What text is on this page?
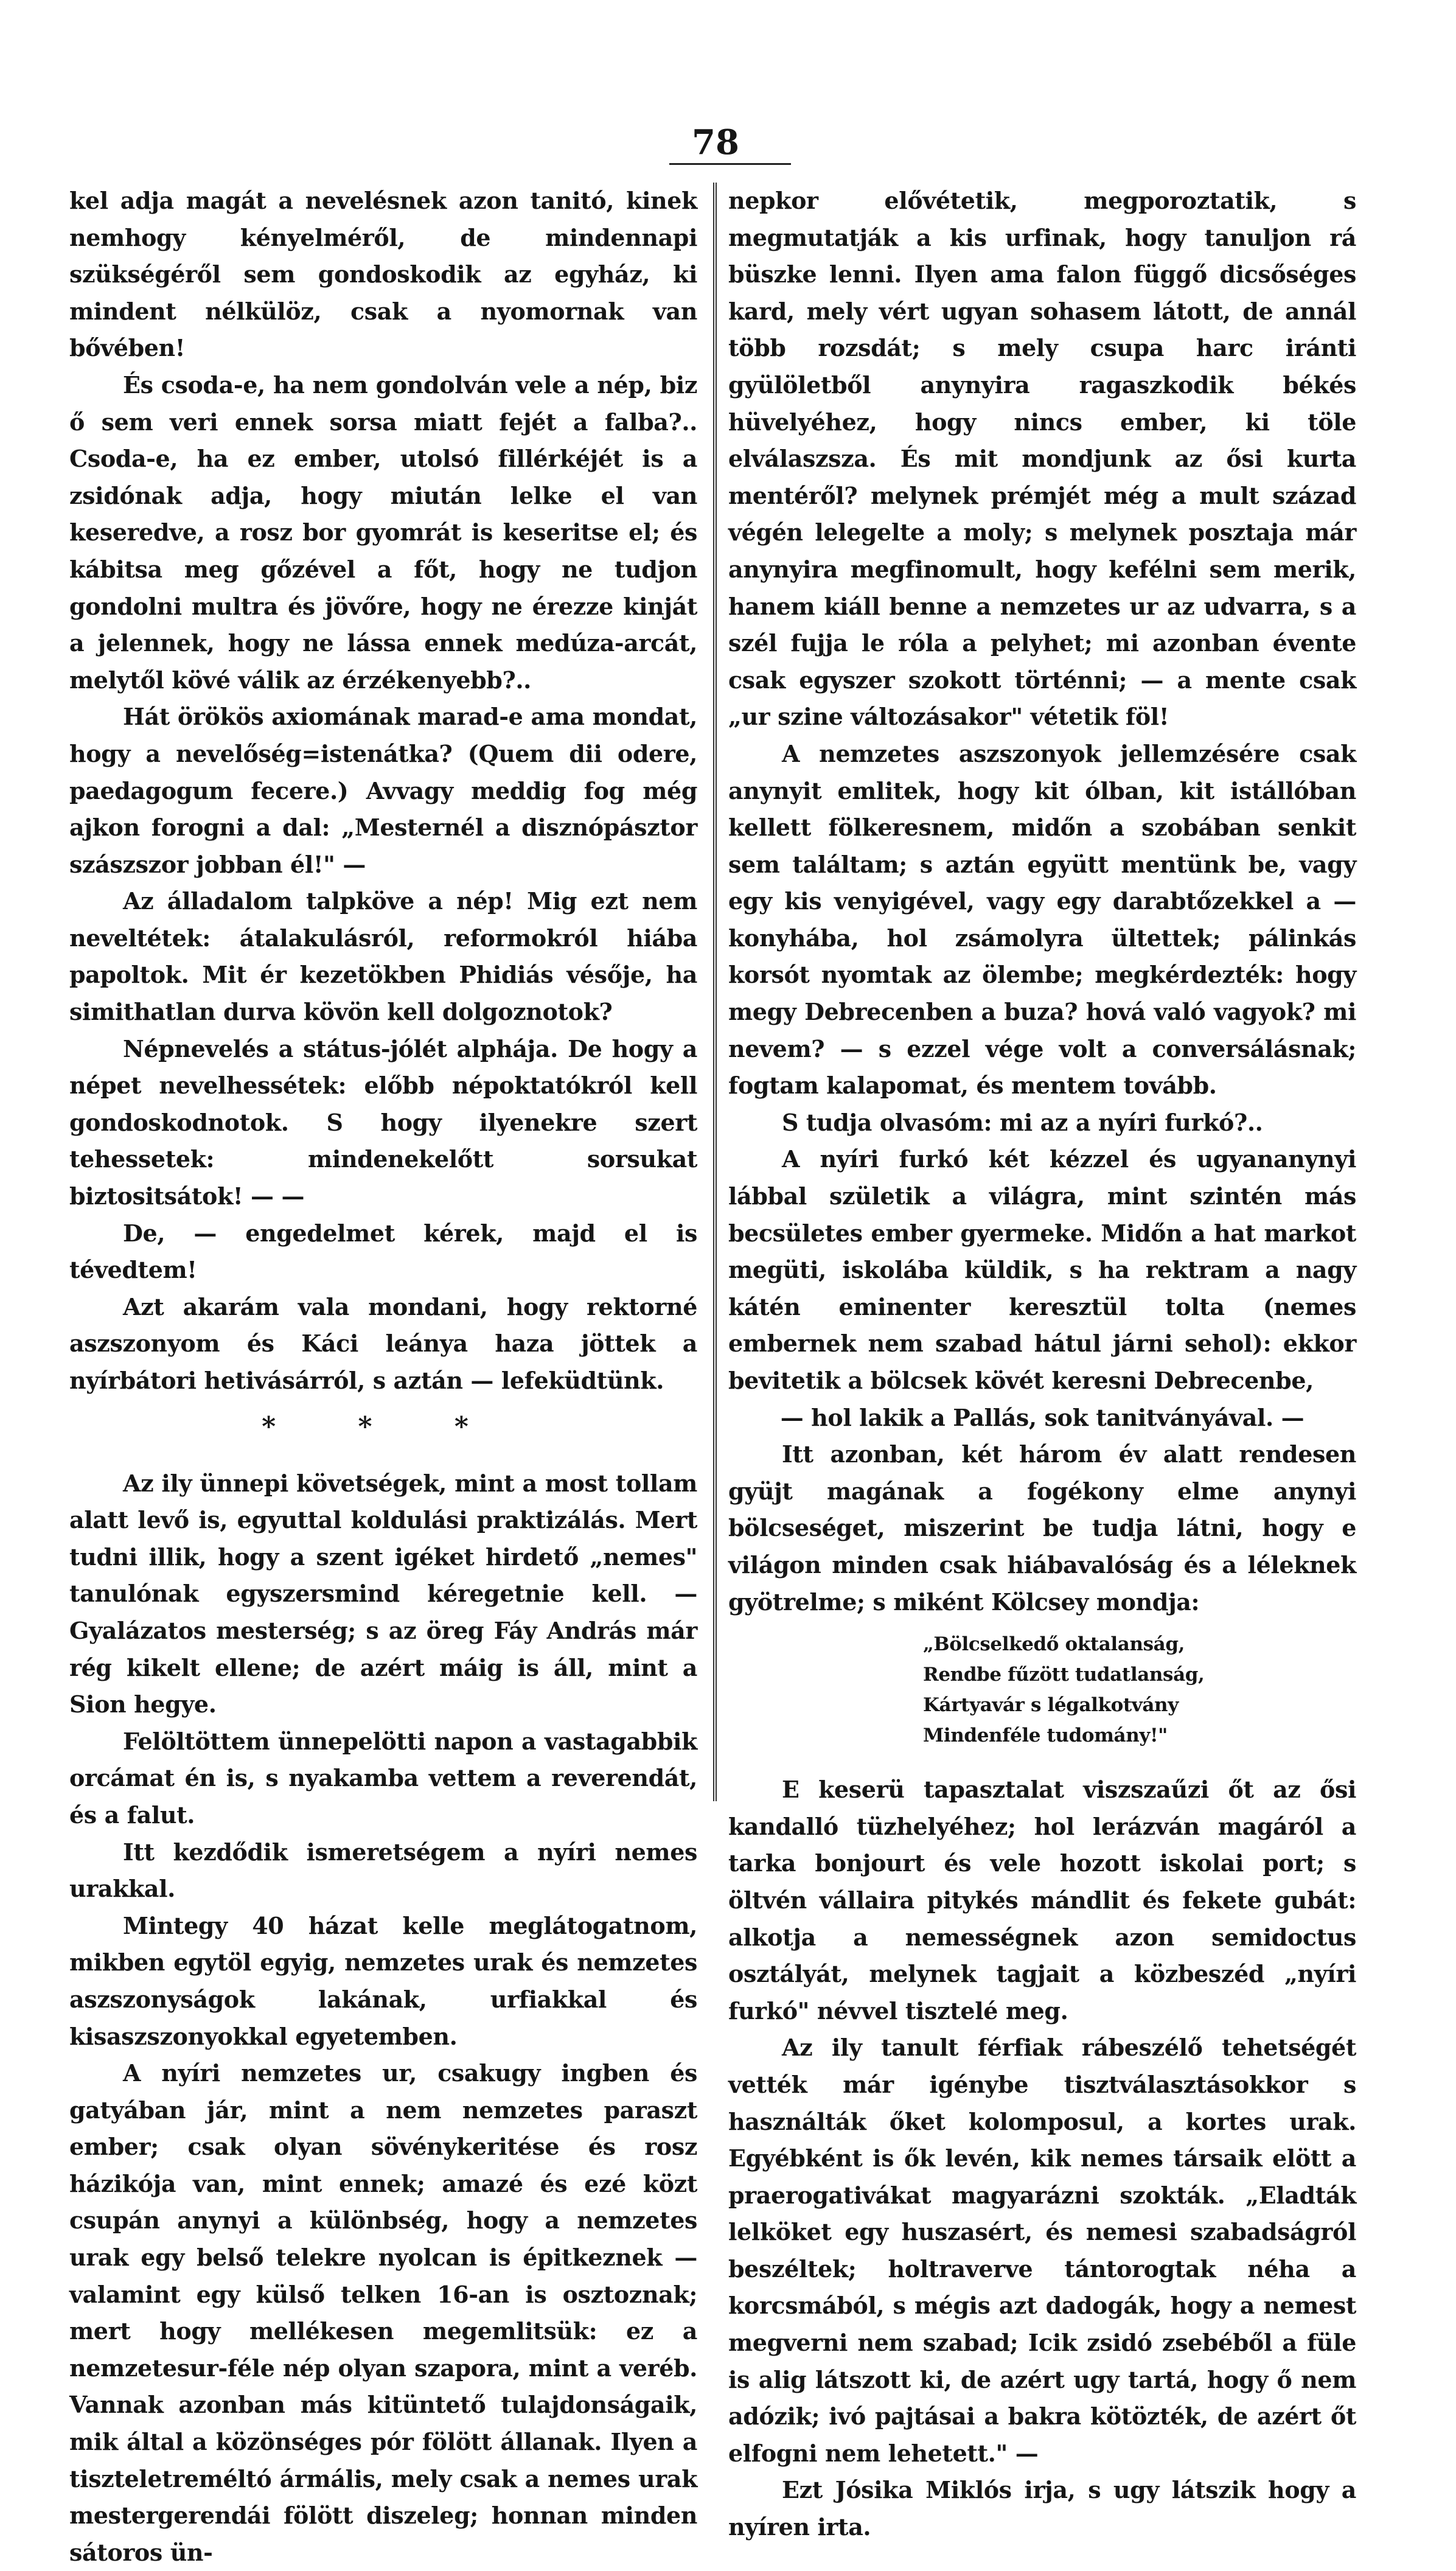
78

kel adja magát a nevelésnek azon tanitó, kinek nemhogy kényelméről, de mindennapi szükségéről sem gondoskodik az egyház, ki mindent nélkülöz, csak a nyomornak van bővében!

És csoda-e, ha nem gondolván vele a nép, biz ő sem veri ennek sorsa miatt fejét a falba?.. Csoda-e, ha ez ember, utolsó fillérkéjét is a zsidónak adja, hogy miután lelke el van keseredve, a rosz bor gyomrát is keseritse el; és kábitsa meg gőzével a főt, hogy ne tudjon gondolni multra és jövőre, hogy ne érezze kinját a jelennek, hogy ne lássa ennek medúza-arcát, melytől kövé válik az érzékenyebb?..

Hát örökös axiomának marad-e ama mondat, hogy a nevelőség=istenátka? (Quem dii odere, paedagogum fecere.) Avvagy meddig fog még ajkon forogni a dal: „Mesternél a disznópásztor szászszor jobban él!" —

Az álladalom talpköve a nép! Mig ezt nem neveltétek: átalakulásról, reformokról hiába papoltok. Mit ér kezetökben Phidiás vésője, ha simithatlan durva kövön kell dolgoznotok?

Népnevelés a státus-jólét alphája. De hogy a népet nevelhessétek: előbb népoktatókról kell gondoskodnotok. S hogy ilyenekre szert tehessetek: mindenekelőtt sorsukat biztositsátok! — —

De, — engedelmet kérek, majd el is tévedtem!

Azt akarám vala mondani, hogy rektorné aszszonyom és Káci leánya haza jöttek a nyírbátori hetivásárról, s aztán — lefeküdtünk.

* * *

Az ily ünnepi követségek, mint a most tollam alatt levő is, egyuttal koldulási praktizálás. Mert tudni illik, hogy a szent igéket hirdető „nemes" tanulónak egyszersmind kéregetnie kell. — Gyalázatos mesterség; s az öreg Fáy András már rég kikelt ellene; de azért máig is áll, mint a Sion hegye.

Felöltöttem ünnepelötti napon a vastagabbik orcámat én is, s nyakamba vettem a reverendát, és a falut.

Itt kezdődik ismeretségem a nyíri nemes urakkal.

Mintegy 40 házat kelle meglátogatnom, mikben egytöl egyig, nemzetes urak és nemzetes aszszonyságok lakának, urfiakkal és kisaszszonyokkal egyetemben.

A nyíri nemzetes ur, csakugy ingben és gatyában jár, mint a nem nemzetes paraszt ember; csak olyan sövénykeritése és rosz házikója van, mint ennek; amazé és ezé közt csupán anynyi a különbség, hogy a nemzetes urak egy belső telekre nyolcan is épitkeznek — valamint egy külső telken 16-an is osztoznak; mert hogy mellékesen megemlitsük: ez a nemzetesur-féle nép olyan szaporа, mint a veréb. Vannak azonban más kitüntető tulajdonságaik, mik által a közönséges pór fölött állanak. Ilyen a tiszteletreméltó ármális, mely csak a nemes urak mestergerendái fölött diszeleg; honnan minden sátoros ün-

nepkor elővétetik, megporoztatik, s megmutatják a kis urfinak, hogy tanuljon rá büszke lenni. Ilyen ama falon függő dicsőséges kard, mely vért ugyan sohasem látott, de annál több rozsdát; s mely csupa harc iránti gyülöletből anynyira ragaszkodik békés hüvelyéhez, hogy nincs ember, ki töle elválaszsza. És mit mondjunk az ősi kurta mentéről? melynek prémjét még a mult század végén lelegelte a moly; s melynek posztaja már anynyira megfinomult, hogy kefélni sem merik, hanem kiáll benne a nemzetes ur az udvarra, s a szél fujja le róla a pelyhet; mi azonban évente csak egyszer szokott történni; — a mente csak „ur szine változásakor" vétetik föl!

A nemzetes aszszonyok jellemzésére csak anynyit emlitek, hogy kit ólban, kit istállóban kellett fölkeresnem, midőn a szobában senkit sem találtam; s aztán együtt mentünk be, vagy egy kis venyigével, vagy egy darabtőzekkel a — konyhába, hol zsámolyra ültettek; pálinkás korsót nyomtak az ölembe; megkérdezték: hogy megy Debrecenben a buza? hová való vagyok? mi nevem? — s ezzel vége volt a conversálásnak; fogtam kalapomat, és mentem tovább.

S tudja olvasóm: mi az a nyíri furkó?..

A nyíri furkó két kézzel és ugyananynyi lábbal születik a világra, mint szintén más becsületes ember gyermeke. Midőn a hat markot megüti, iskolába küldik, s ha rektram a nagy kátén eminenter keresztül tolta (nemes embernek nem szabad hátul járni sehol): ekkor bevitetik a bölcsek kövét keresni Debrecenbe,

— hol lakik a Pallás, sok tanitványával. —

Itt azonban, két három év alatt rendesen gyüjt magának a fogékony elme anynyi bölcseséget, miszerint be tudja látni, hogy e világon minden csak hiábavalóság és a léleknek gyötrelme; s miként Kölcsey mondja:

„Bölcselkedő oktalanság,
Rendbe fűzött tudatlanság,
Kártyavár s légalkotvány
Mindenféle tudomány!"

E keserü tapasztalat viszszaűzi őt az ősi kandalló tüzhelyéhez; hol lerázván magáról a tarka bonjourt és vele hozott iskolai port; s öltvén vállaira pitykés mándlit és fekete gubát: alkotja a nemességnek azon semidoctus osztályát, melynek tagjait a közbeszéd „nyíri furkó" névvel tisztelé meg.

Az ily tanult férfiak rábeszélő tehetségét vették már igénybe tisztválasztásokkor s használták őket kolomposul, a kortes urak. Egyébként is ők levén, kik nemes társaik elött a praerogativákat magyarázni szokták. „Eladták lelköket egy huszasért, és nemesi szabadságról beszéltek; holtraverve tántorogtak néha a korcsmából, s mégis azt dadogák, hogy a nemest megverni nem szabad; Icik zsidó zsebéből a füle is alig látszott ki, de azért ugy tartá, hogy ő nem adózik; ivó pajtásai a bakra kötözték, de azért őt elfogni nem lehetett." —

Ezt Jósika Miklós irja, s ugy látszik hogy a nyíren irta.
